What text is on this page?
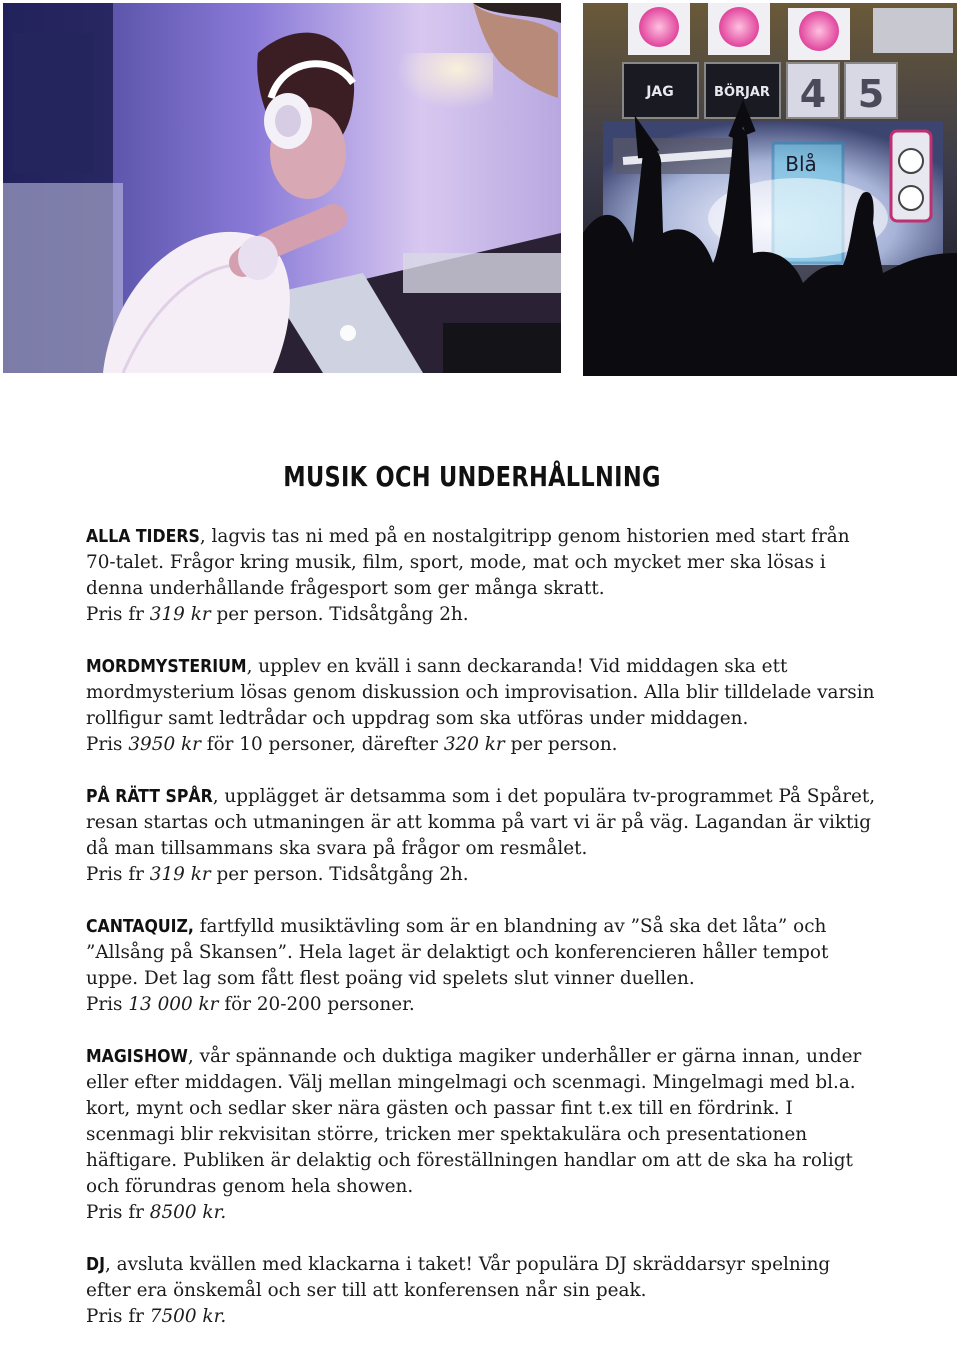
JAG	BÖRJAR 4 5
Blå
MUSIK OCH UNDERHÅLLNING

ALLA TIDERS, lagvis tas ni med på en nostalgitripp genom historien med start från 70-talet. Frågor kring musik, film, sport, mode, mat och mycket mer ska lösas i denna underhållande frågesport som ger många skratt.

Pris fr 319 kr per person. Tidsåtgång 2h.

MORDMYSTERIUM, upplev en kväll i sann deckaranda! Vid middagen ska ett mordmysterium lösas genom diskussion och improvisation. Alla blir tilldelade varsin rollfigur samt ledtrådar och uppdrag som ska utföras under middagen.

Pris 3950 kr för 10 personer, därefter 320 kr per person.

PÅ RÄTT SPÅR, upplägget är detsamma som i det populära tv-programmet På Spåret, resan startas och utmaningen är att komma på vart vi är på väg. Lagandan är viktig då man tillsammans ska svara på frågor om resmålet.

Pris fr 319 kr per person. Tidsåtgång 2h.

CANTAQUIZ, fartfylld musiktävling som är en blandning av ”Så ska det låta” och ”Allsång på Skansen”. Hela laget är delaktigt och konferencieren håller tempot uppe. Det lag som fått flest poäng vid spelets slut vinner duellen.

Pris 13 000 kr för 20-200 personer.

MAGISHOW, vår spännande och duktiga magiker underhåller er gärna innan, under eller efter middagen. Välj mellan mingelmagi och scenmagi. Mingelmagi med bl.a. kort, mynt och sedlar sker nära gästen och passar fint t.ex till en fördrink. I scenmagi blir rekvisitan större, tricken mer spektakulära och presentationen häftigare. Publiken är delaktig och föreställningen handlar om att de ska ha roligt och förundras genom hela showen.

Pris fr 8500 kr.

DJ, avsluta kvällen med klackarna i taket! Vår populära DJ skräddarsyr spelning efter era önskemål och ser till att konferensen når sin peak.

Pris fr 7500 kr.
